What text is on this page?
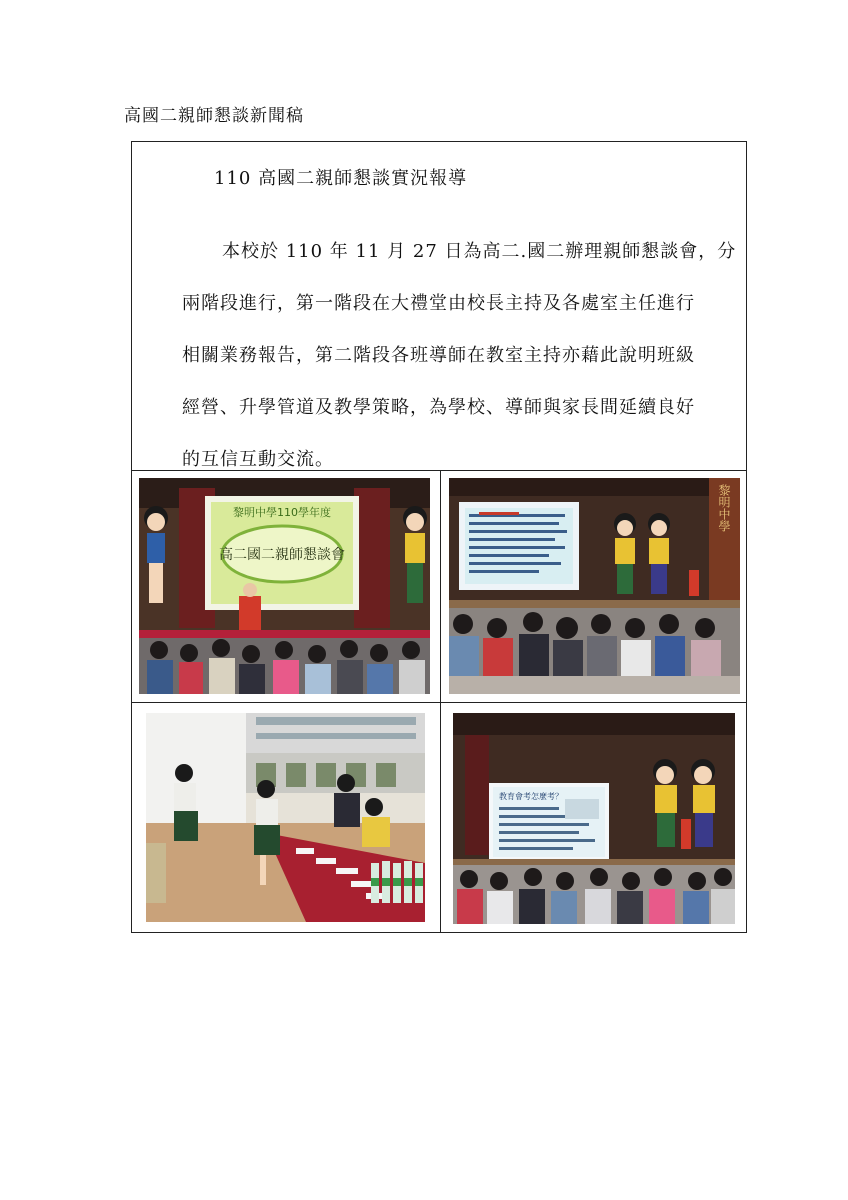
高國二親師懇談新聞稿
110 高國二親師懇談實況報導
本校於 110 年 11 月 27 日為高二.國二辦理親師懇談會，分
兩階段進行，第一階段在大禮堂由校長主持及各處室主任進行
相關業務報告，第二階段各班導師在教室主持亦藉此說明班級
經營、升學管道及教學策略，為學校、導師與家長間延續良好
的互信互動交流。
黎明中學110學年度
高二國二親師懇談會
黎明中學
教育會考怎麼考？
